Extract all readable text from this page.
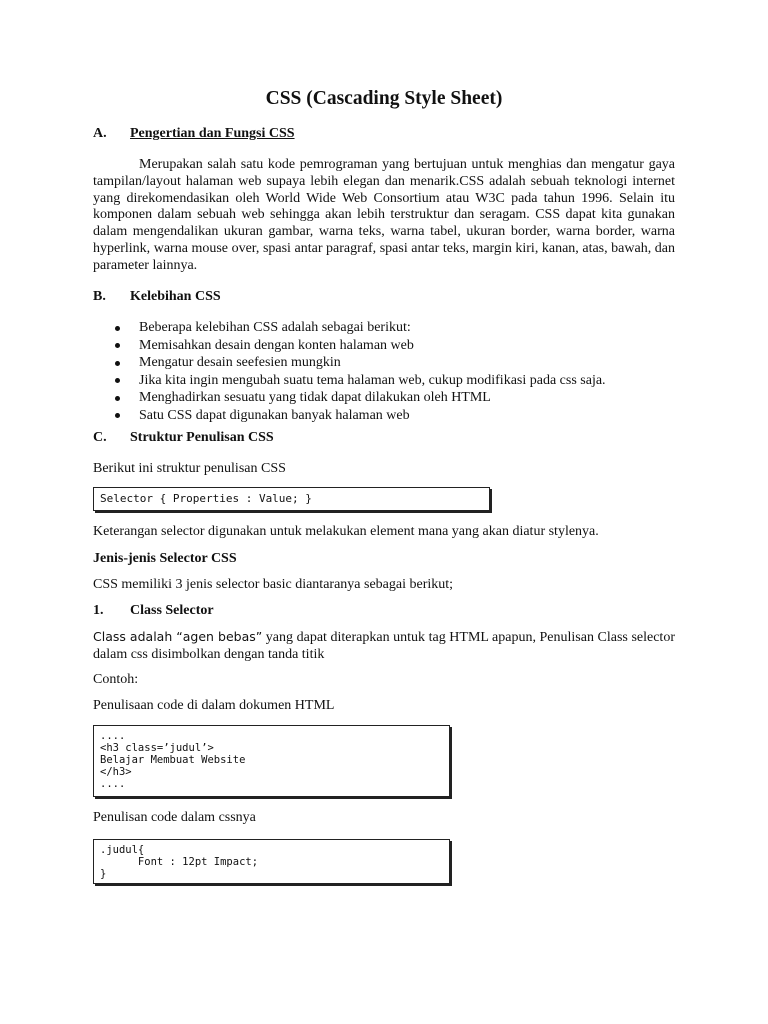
CSS (Cascading Style Sheet)
A. Pengertian dan Fungsi CSS
Merupakan salah satu kode pemrograman yang bertujuan untuk menghias dan mengatur gaya tampilan/layout halaman web supaya lebih elegan dan menarik.CSS adalah sebuah teknologi internet yang direkomendasikan oleh World Wide Web Consortium atau W3C pada tahun 1996. Selain itu komponen dalam sebuah web sehingga akan lebih terstruktur dan seragam. CSS dapat kita gunakan dalam mengendalikan ukuran gambar, warna teks, warna tabel, ukuran border, warna border, warna hyperlink, warna mouse over, spasi antar paragraf, spasi antar teks, margin kiri, kanan, atas, bawah, dan parameter lainnya.
B. Kelebihan CSS
Beberapa kelebihan CSS adalah sebagai berikut:
Memisahkan desain dengan konten halaman web
Mengatur desain seefesien mungkin
Jika kita ingin mengubah suatu tema halaman web, cukup modifikasi pada css saja.
Menghadirkan sesuatu yang tidak dapat dilakukan oleh HTML
Satu CSS dapat digunakan banyak halaman web
C. Struktur Penulisan CSS
Berikut ini struktur penulisan CSS
Selector { Properties : Value; }
Keterangan selector digunakan untuk melakukan element mana yang akan diatur stylenya.
Jenis-jenis Selector CSS
CSS memiliki 3 jenis selector basic diantaranya sebagai berikut;
1. Class Selector
Class adalah “agen bebas” yang dapat diterapkan untuk tag HTML apapun, Penulisan Class selector
dalam css disimbolkan dengan tanda titik
Contoh:
Penulisaan code di dalam dokumen HTML
....
<h3 class=’judul’>
Belajar Membuat Website
</h3>
....
Penulisan code dalam cssnya
.judul{
Font : 12pt Impact;
}
